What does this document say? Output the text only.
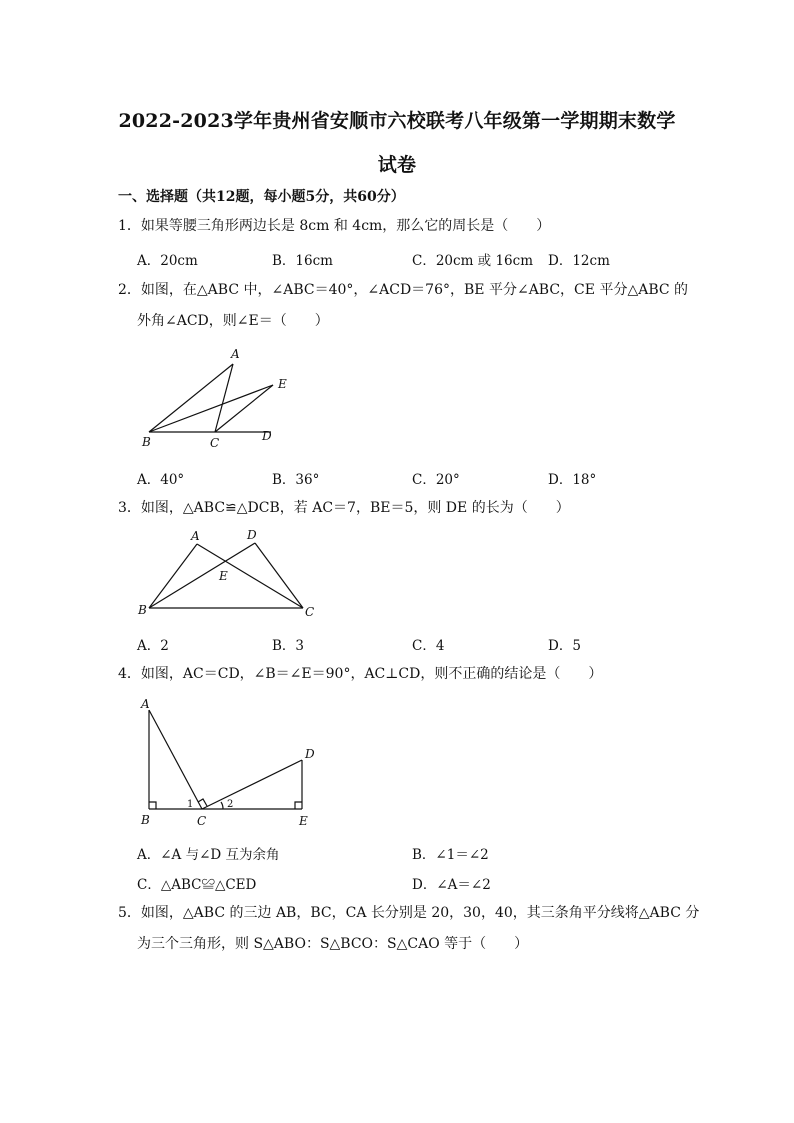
2022-2023学年贵州省安顺市六校联考八年级第一学期期末数学
试卷
一、选择题（共12题，每小题5分，共60分）
1．如果等腰三角形两边长是 8cm 和 4cm，那么它的周长是（　　）
A．20cm	B．16cm	C．20cm 或 16cm D．12cm
2．如图，在△ABC 中，∠ABC＝40°，∠ACD＝76°，BE 平分∠ABC，CE 平分△ABC 的
外角∠ACD，则∠E＝（　　）
A
E
B	C	D
A．40°	B．36°	C．20°	D．18°
3．如图，△ABC≌△DCB，若 AC＝7，BE＝5，则 DE 的长为（　　）
A	D
E
B	C
A．2	B．3	C．4	D．5
4．如图，AC＝CD，∠B＝∠E＝90°，AC⊥CD，则不正确的结论是（　　）
A
D
B	C	E
1	2
A．∠A 与∠D 互为余角	B．∠1＝∠2
C．△ABC≌△CED	D．∠A＝∠2
5．如图，△ABC 的三边 AB，BC，CA 长分别是 20，30，40，其三条角平分线将△ABC 分
为三个三角形，则 S△ABO：S△BCO：S△CAO 等于（　　）
